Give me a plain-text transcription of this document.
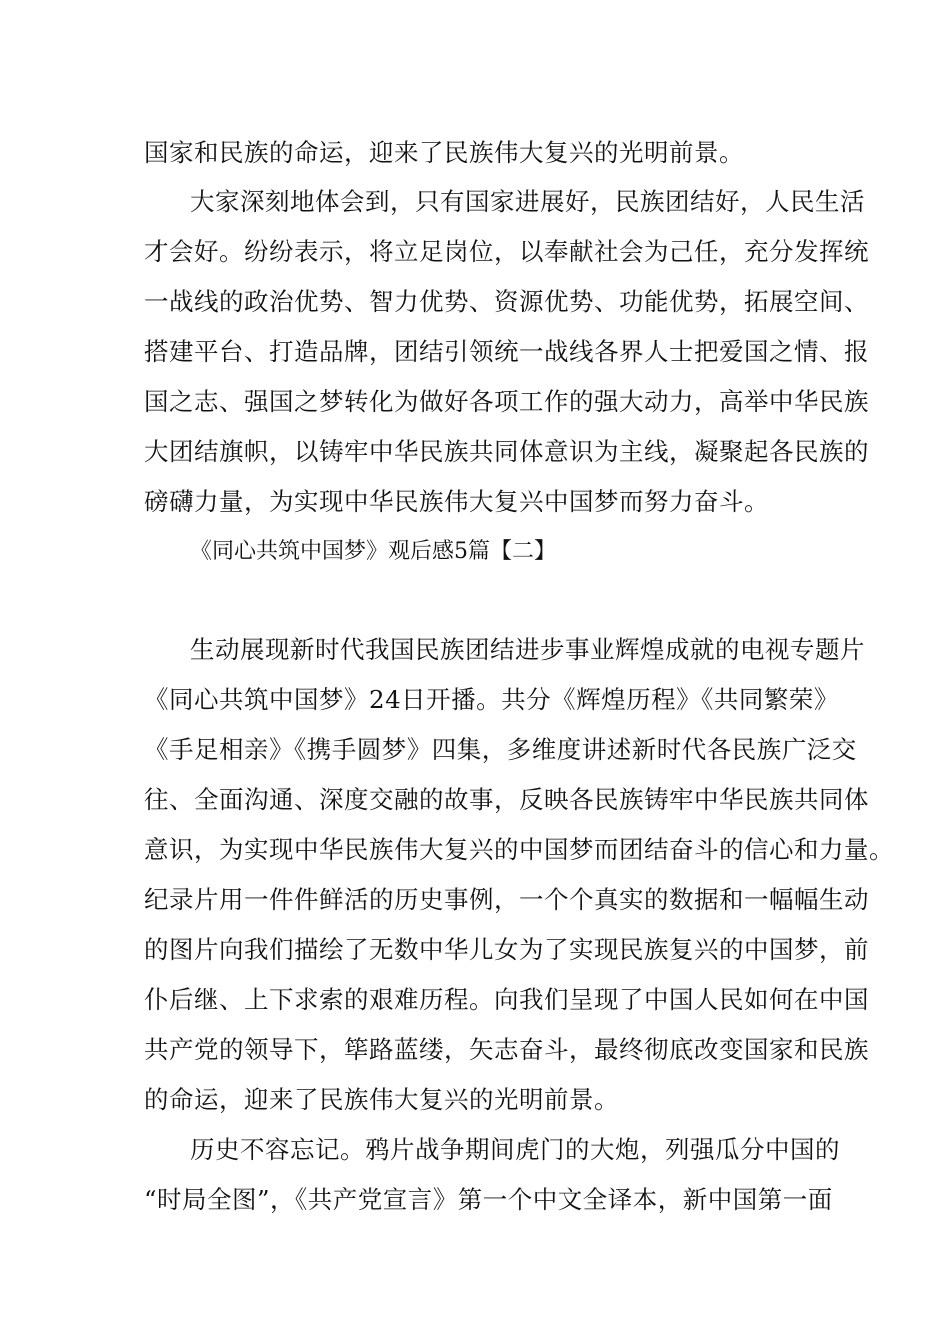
国家和民族的命运，迎来了民族伟大复兴的光明前景。
大家深刻地体会到，只有国家进展好，民族团结好，人民生活
才会好。纷纷表示，将立足岗位，以奉献社会为己任，充分发挥统
一战线的政治优势、智力优势、资源优势、功能优势，拓展空间、
搭建平台、打造品牌，团结引领统一战线各界人士把爱国之情、报
国之志、强国之梦转化为做好各项工作的强大动力，高举中华民族
大团结旗帜，以铸牢中华民族共同体意识为主线，凝聚起各民族的
磅礴力量，为实现中华民族伟大复兴中国梦而努力奋斗。
《同心共筑中国梦》观后感5篇【二】
生动展现新时代我国民族团结进步事业辉煌成就的电视专题片
《同心共筑中国梦》24日开播。共分《辉煌历程》《共同繁荣》
《手足相亲》《携手圆梦》四集，多维度讲述新时代各民族广泛交
往、全面沟通、深度交融的故事，反映各民族铸牢中华民族共同体
意识，为实现中华民族伟大复兴的中国梦而团结奋斗的信心和力量。
纪录片用一件件鲜活的历史事例，一个个真实的数据和一幅幅生动
的图片向我们描绘了无数中华儿女为了实现民族复兴的中国梦，前
仆后继、上下求索的艰难历程。向我们呈现了中国人民如何在中国
共产党的领导下，筚路蓝缕，矢志奋斗，最终彻底改变国家和民族
的命运，迎来了民族伟大复兴的光明前景。
历史不容忘记。鸦片战争期间虎门的大炮，列强瓜分中国的
“时局全图”，《共产党宣言》第一个中文全译本，新中国第一面
